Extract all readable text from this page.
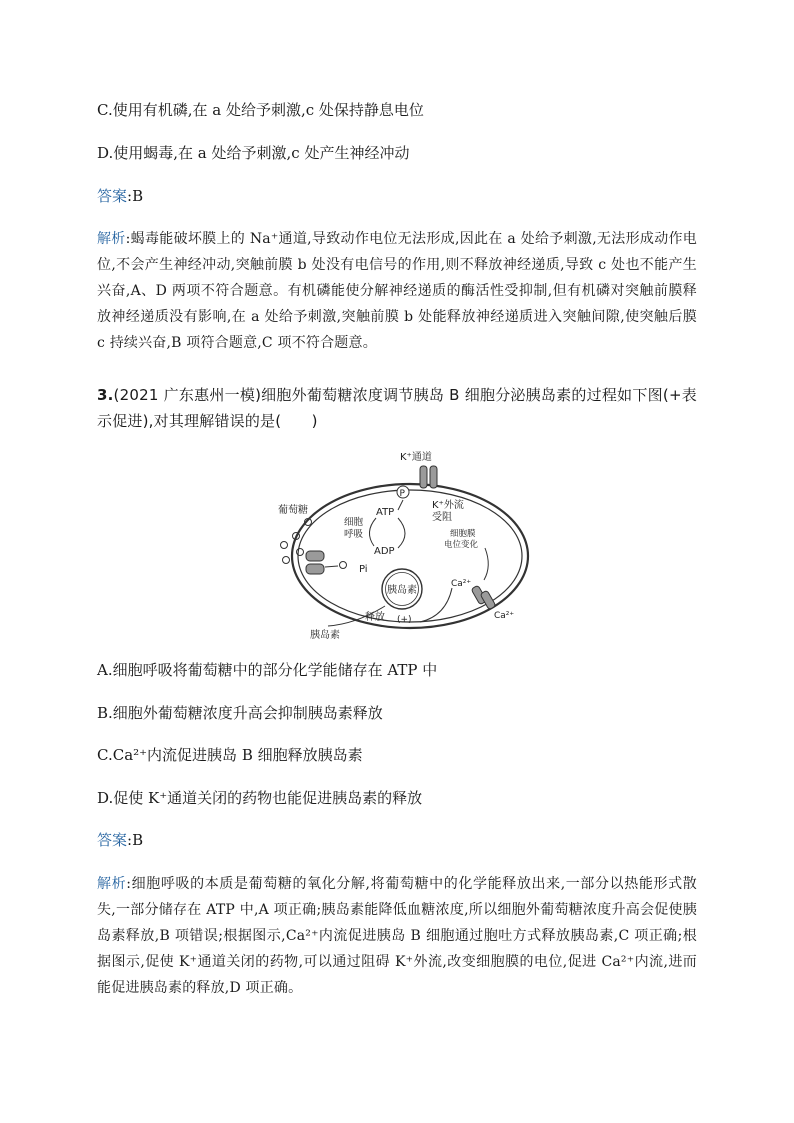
C.使用有机磷,在 a 处给予刺激,c 处保持静息电位
D.使用蝎毒,在 a 处给予刺激,c 处产生神经冲动
答案:B
解析:蝎毒能破坏膜上的 Na⁺通道,导致动作电位无法形成,因此在 a 处给予刺激,无法形成动作电位,不会产生神经冲动,突触前膜 b 处没有电信号的作用,则不释放神经递质,导致 c 处也不能产生兴奋,A、D 两项不符合题意。有机磷能使分解神经递质的酶活性受抑制,但有机磷对突触前膜释放神经递质没有影响,在 a 处给予刺激,突触前膜 b 处能释放神经递质进入突触间隙,使突触后膜 c 持续兴奋,B 项符合题意,C 项不符合题意。
3.(2021 广东惠州一模)细胞外葡萄糖浓度调节胰岛 B 细胞分泌胰岛素的过程如下图(+表示促进),对其理解错误的是(　　)
K⁺通道
葡萄糖
P
ATP
ADP
Pi
细胞
呼吸
K⁺外流
受阻
细胞膜
电位变化
Ca²⁺
Ca²⁺
胰岛素
释放 (+)
胰岛素
A.细胞呼吸将葡萄糖中的部分化学能储存在 ATP 中
B.细胞外葡萄糖浓度升高会抑制胰岛素释放
C.Ca²⁺内流促进胰岛 B 细胞释放胰岛素
D.促使 K⁺通道关闭的药物也能促进胰岛素的释放
答案:B
解析:细胞呼吸的本质是葡萄糖的氧化分解,将葡萄糖中的化学能释放出来,一部分以热能形式散失,一部分储存在 ATP 中,A 项正确;胰岛素能降低血糖浓度,所以细胞外葡萄糖浓度升高会促使胰岛素释放,B 项错误;根据图示,Ca²⁺内流促进胰岛 B 细胞通过胞吐方式释放胰岛素,C 项正确;根据图示,促使 K⁺通道关闭的药物,可以通过阻碍 K⁺外流,改变细胞膜的电位,促进 Ca²⁺内流,进而能促进胰岛素的释放,D 项正确。
